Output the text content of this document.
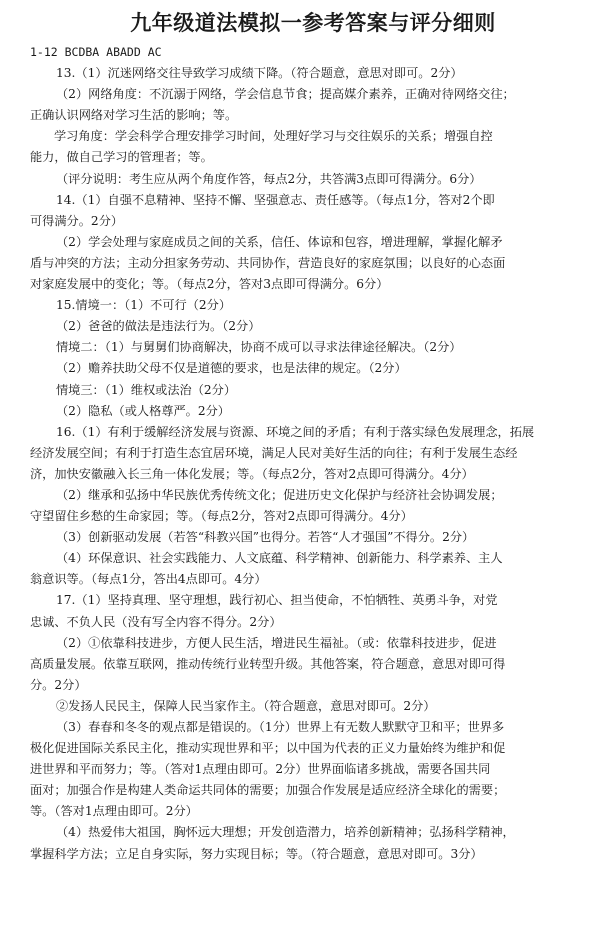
九年级道法模拟一参考答案与评分细则
1-12 BCDBA ABADD AC
13.（1）沉迷网络交往导致学习成绩下降。（符合题意，意思对即可。2分）
（2）网络角度：不沉溺于网络，学会信息节食；提高媒介素养，正确对待网络交往；
正确认识网络对学习生活的影响；等。
学习角度：学会科学合理安排学习时间，处理好学习与交往娱乐的关系；增强自控
能力，做自己学习的管理者；等。
（评分说明：考生应从两个角度作答，每点2分，共答满3点即可得满分。6分）
14.（1）自强不息精神、坚持不懈、坚强意志、责任感等。（每点1分，答对2个即
可得满分。2分）
（2）学会处理与家庭成员之间的关系，信任、体谅和包容，增进理解，掌握化解矛
盾与冲突的方法；主动分担家务劳动、共同协作，营造良好的家庭氛围；以良好的心态面
对家庭发展中的变化；等。（每点2分，答对3点即可得满分。6分）
15.情境一：（1）不可行（2分）
（2）爸爸的做法是违法行为。（2分）
情境二：（1）与舅舅们协商解决，协商不成可以寻求法律途径解决。（2分）
（2）赡养扶助父母不仅是道德的要求，也是法律的规定。（2分）
情境三：（1）维权或法治（2分）
（2）隐私（或人格尊严。2分）
16.（1）有利于缓解经济发展与资源、环境之间的矛盾；有利于落实绿色发展理念，拓展
经济发展空间；有利于打造生态宜居环境，满足人民对美好生活的向往；有利于发展生态经
济，加快安徽融入长三角一体化发展；等。（每点2分，答对2点即可得满分。4分）
（2）继承和弘扬中华民族优秀传统文化；促进历史文化保护与经济社会协调发展；
守望留住乡愁的生命家园；等。（每点2分，答对2点即可得满分。4分）
（3）创新驱动发展（若答“科教兴国”也得分。若答“人才强国”不得分。2分）
（4）环保意识、社会实践能力、人文底蕴、科学精神、创新能力、科学素养、主人
翁意识等。（每点1分，答出4点即可。4分）
17.（1）坚持真理、坚守理想，践行初心、担当使命，不怕牺牲、英勇斗争，对党
忠诚、不负人民（没有写全内容不得分。2分）
（2）①依靠科技进步，方便人民生活，增进民生福祉。（或：依靠科技进步，促进
高质量发展。依靠互联网，推动传统行业转型升级。其他答案，符合题意，意思对即可得
分。2分）
②发扬人民民主，保障人民当家作主。（符合题意，意思对即可。2分）
（3）春春和冬冬的观点都是错误的。（1分）世界上有无数人默默守卫和平；世界多
极化促进国际关系民主化，推动实现世界和平；以中国为代表的正义力量始终为维护和促
进世界和平而努力；等。（答对1点理由即可。2分）世界面临诸多挑战，需要各国共同
面对；加强合作是构建人类命运共同体的需要；加强合作发展是适应经济全球化的需要；
等。（答对1点理由即可。2分）
（4）热爱伟大祖国，胸怀远大理想；开发创造潜力，培养创新精神；弘扬科学精神，
掌握科学方法；立足自身实际，努力实现目标；等。（符合题意，意思对即可。3分）
